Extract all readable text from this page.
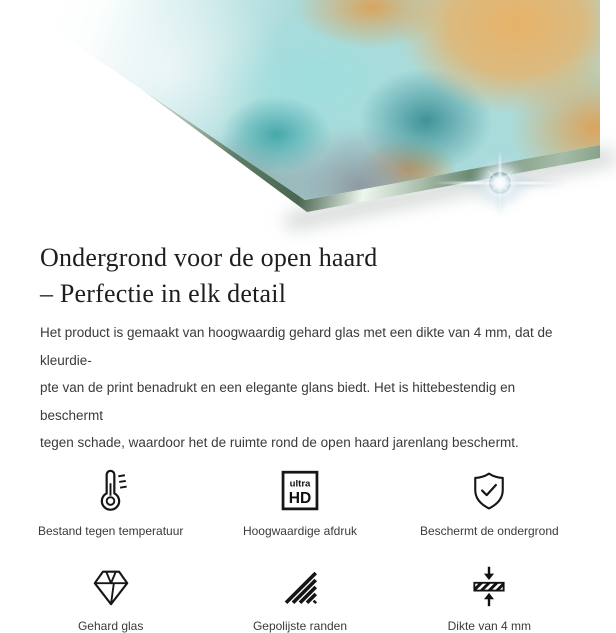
Ondergrond voor de open haard
– Perfectie in elk detail

Het product is gemaakt van hoogwaardig gehard glas met een dikte van 4 mm, dat de kleurdie-
pte van de print benadrukt en een elegante glans biedt. Het is hittebestendig en beschermt
tegen schade, waardoor het de ruimte rond de open haard jarenlang beschermt.

Bestand tegen temperatuur
ultra
HD
Hoogwaardige afdruk	Beschermt de ondergrond
Gehard glas	Gepolijste randen	Dikte van 4 mm
